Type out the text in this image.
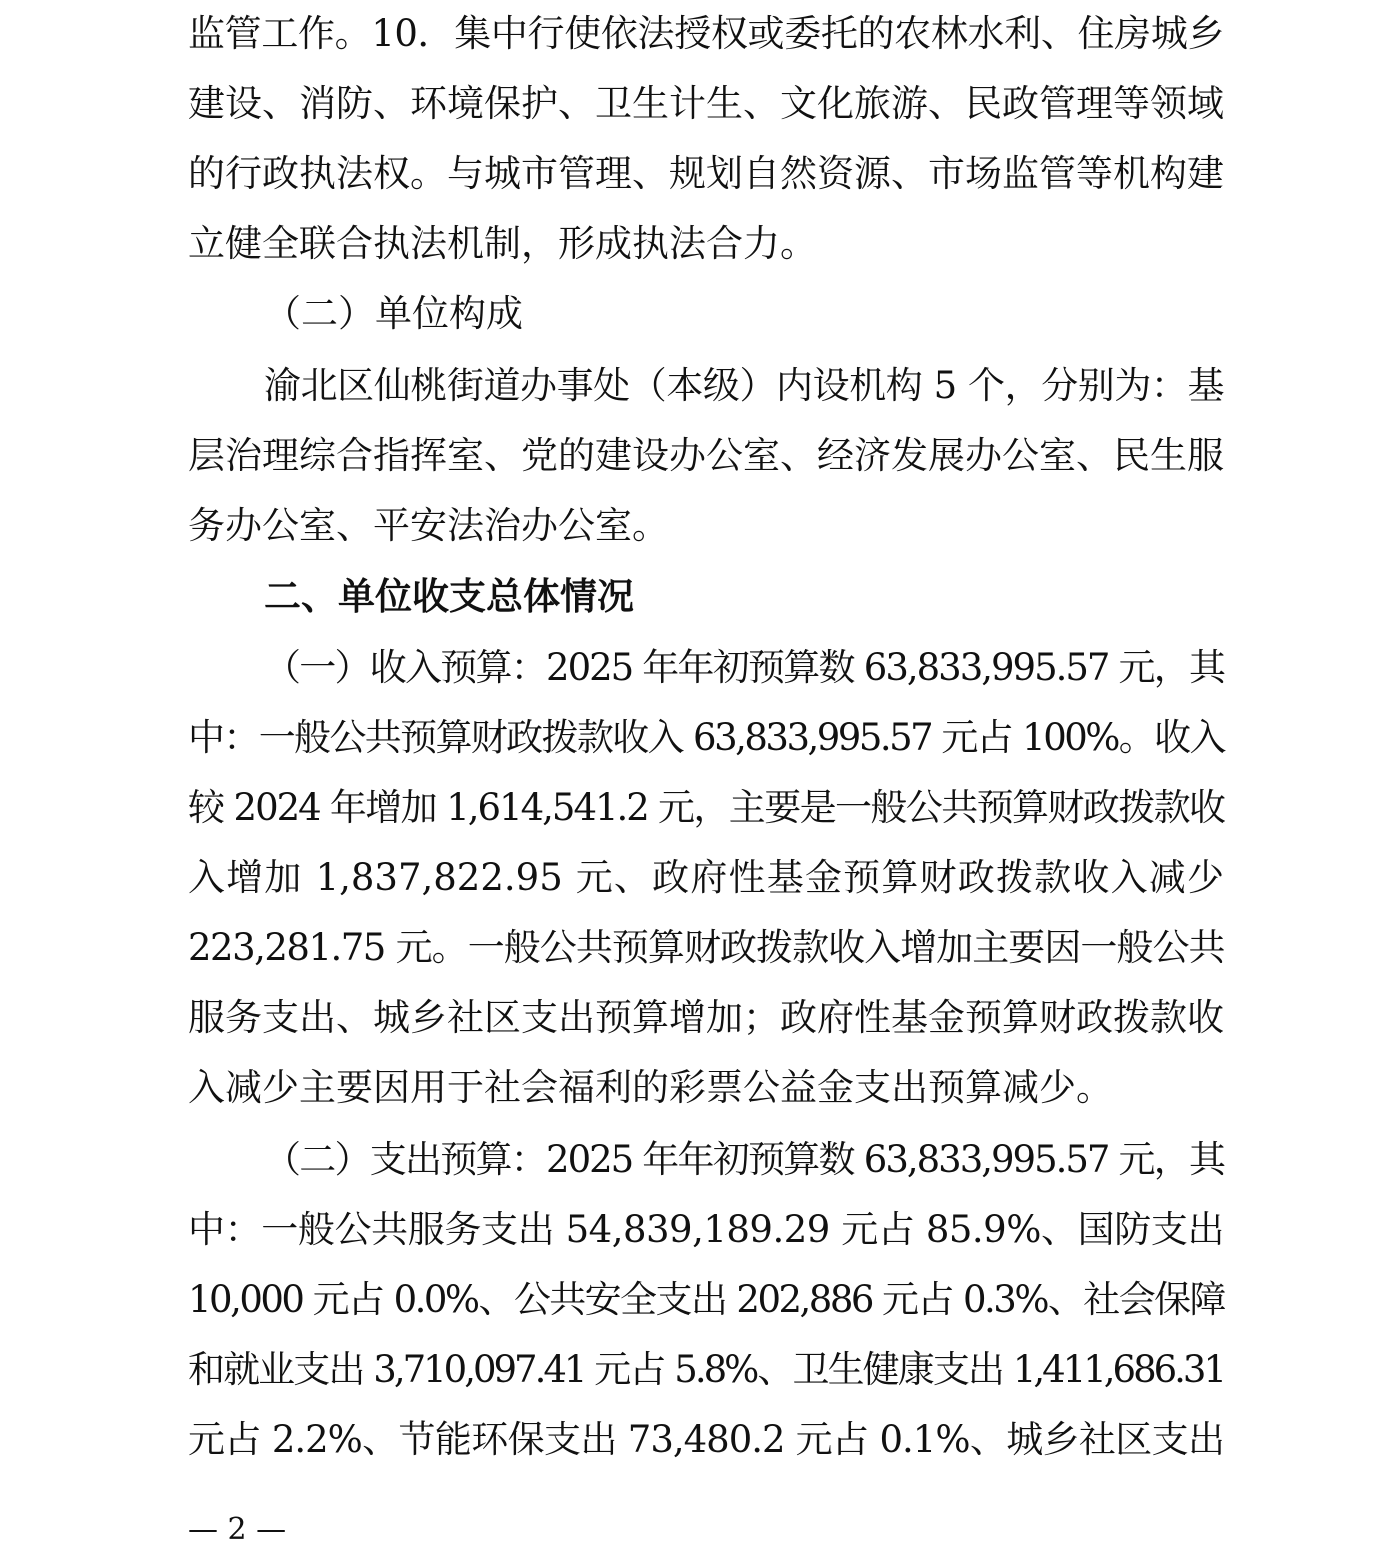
监管工作。10．集中行使依法授权或委托的农林水利、住房城乡
建设、消防、环境保护、卫生计生、文化旅游、民政管理等领域
的行政执法权。与城市管理、规划自然资源、市场监管等机构建
立健全联合执法机制，形成执法合力。
（二）单位构成
渝北区仙桃街道办事处（本级）内设机构 5 个，分别为：基
层治理综合指挥室、党的建设办公室、经济发展办公室、民生服
务办公室、平安法治办公室。
二、单位收支总体情况
（一）收入预算：2025 年年初预算数 63,833,995.57 元，其
中：一般公共预算财政拨款收入 63,833,995.57 元占 100%。收入
较 2024 年增加 1,614,541.2 元，主要是一般公共预算财政拨款收
入增加 1,837,822.95 元、政府性基金预算财政拨款收入减少
223,281.75 元。一般公共预算财政拨款收入增加主要因一般公共
服务支出、城乡社区支出预算增加；政府性基金预算财政拨款收
入减少主要因用于社会福利的彩票公益金支出预算减少。
（二）支出预算：2025 年年初预算数 63,833,995.57 元，其
中：一般公共服务支出 54,839,189.29 元占 85.9%、国防支出
10,000 元占 0.0%、公共安全支出 202,886 元占 0.3%、社会保障
和就业支出 3,710,097.41 元占 5.8%、卫生健康支出 1,411,686.31
元占 2.2%、节能环保支出 73,480.2 元占 0.1%、城乡社区支出
— 2 —
